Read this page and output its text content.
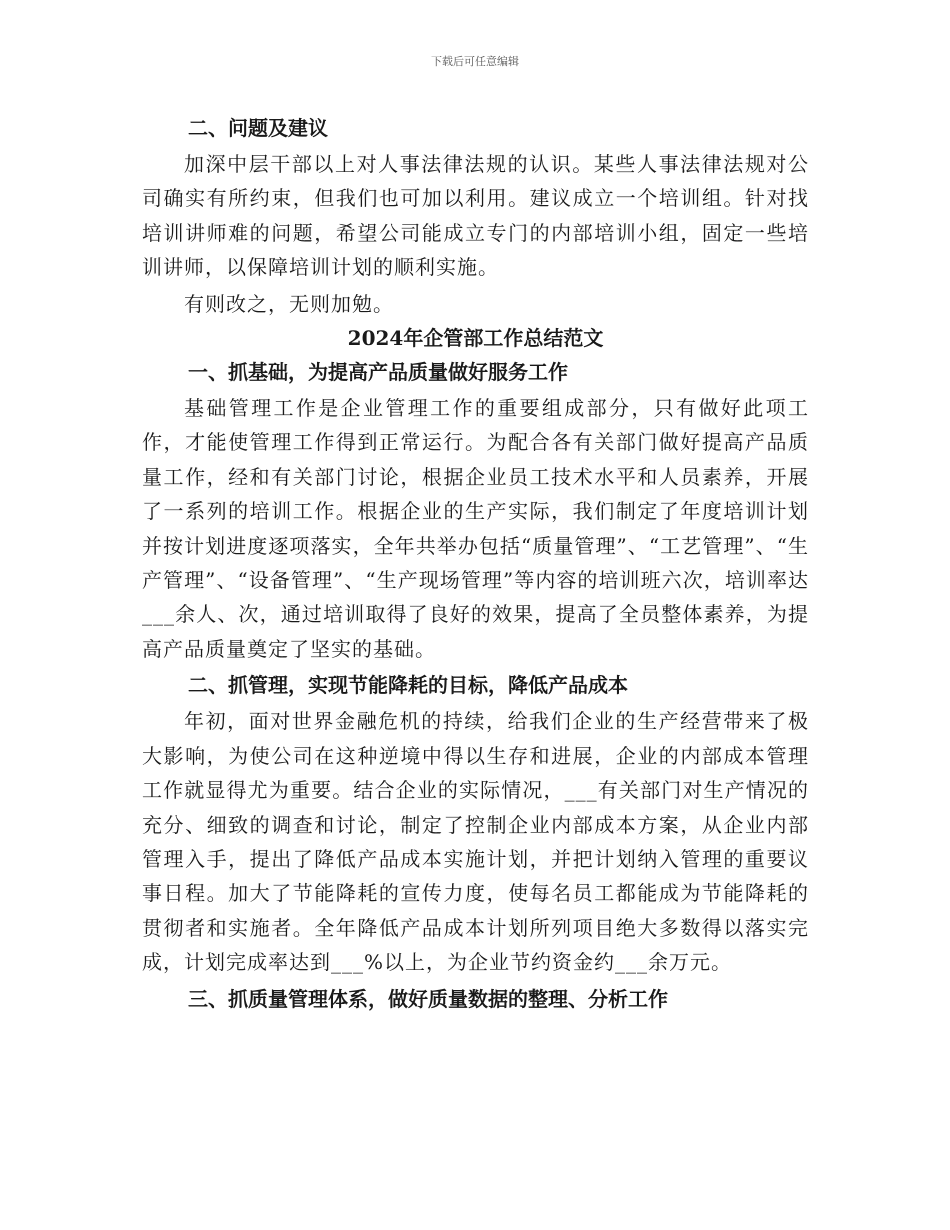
下载后可任意编辑

二、问题及建议

加深中层干部以上对人事法律法规的认识。某些人事法律法规对公司确实有所约束，但我们也可加以利用。建议成立一个培训组。针对找培训讲师难的问题，希望公司能成立专门的内部培训小组，固定一些培训讲师，以保障培训计划的顺利实施。

有则改之，无则加勉。

2024年企管部工作总结范文

一、抓基础，为提高产品质量做好服务工作

基础管理工作是企业管理工作的重要组成部分，只有做好此项工作，才能使管理工作得到正常运行。为配合各有关部门做好提高产品质量工作，经和有关部门讨论，根据企业员工技术水平和人员素养，开展了一系列的培训工作。根据企业的生产实际，我们制定了年度培训计划并按计划进度逐项落实，全年共举办包括“质量管理”、“工艺管理”、“生产管理”、“设备管理”、“生产现场管理”等内容的培训班六次，培训率达___余人、次，通过培训取得了良好的效果，提高了全员整体素养，为提高产品质量奠定了坚实的基础。

二、抓管理，实现节能降耗的目标，降低产品成本

年初，面对世界金融危机的持续，给我们企业的生产经营带来了极大影响，为使公司在这种逆境中得以生存和进展，企业的内部成本管理工作就显得尤为重要。结合企业的实际情况，___有关部门对生产情况的充分、细致的调查和讨论，制定了控制企业内部成本方案，从企业内部管理入手，提出了降低产品成本实施计划，并把计划纳入管理的重要议事日程。加大了节能降耗的宣传力度，使每名员工都能成为节能降耗的贯彻者和实施者。全年降低产品成本计划所列项目绝大多数得以落实完成，计划完成率达到___%以上，为企业节约资金约___余万元。

三、抓质量管理体系，做好质量数据的整理、分析工作
